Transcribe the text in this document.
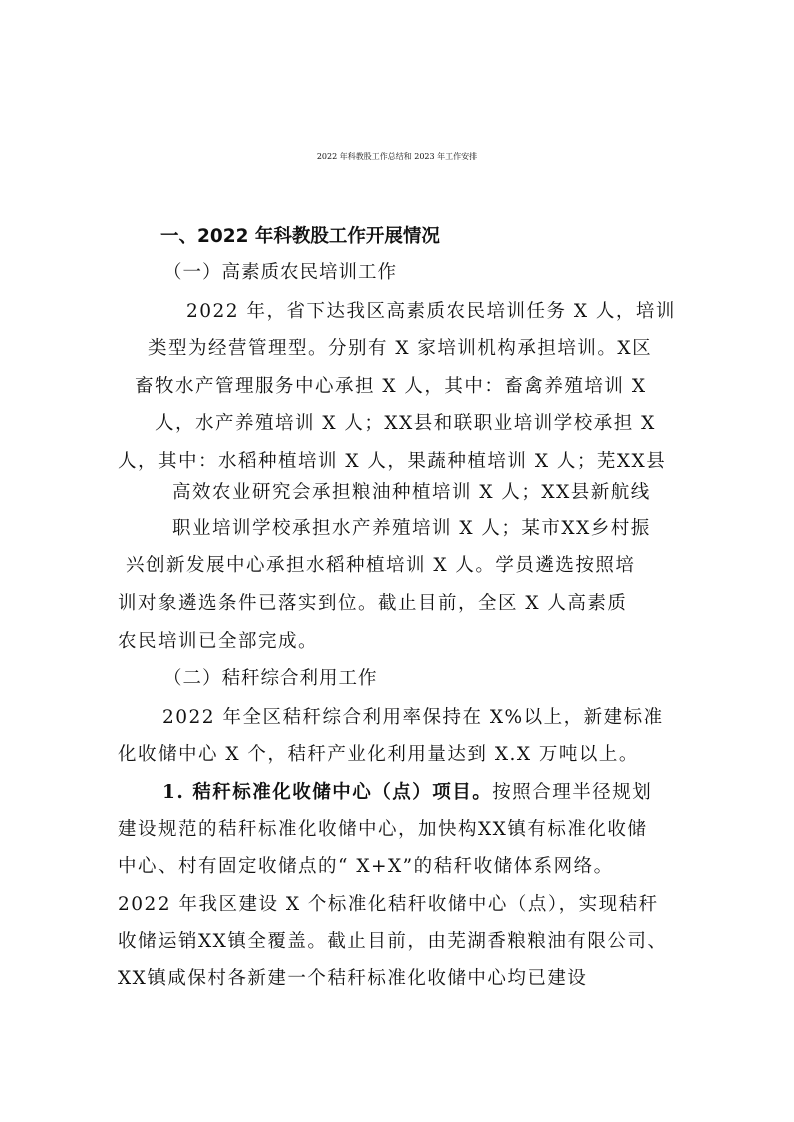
2022 年科教股工作总结和 2023 年工作安排
一、2022 年科教股工作开展情况
（一）高素质农民培训工作
2022 年，省下达我区高素质农民培训任务 X 人，培训
类型为经营管理型。分别有 X 家培训机构承担培训。X区
畜牧水产管理服务中心承担 X 人，其中：畜禽养殖培训 X
人，水产养殖培训 X 人；XX县和联职业培训学校承担 X
人，其中：水稻种植培训 X 人，果蔬种植培训 X 人；芜XX县
高效农业研究会承担粮油种植培训 X 人；XX县新航线
职业培训学校承担水产养殖培训 X 人；某市XX乡村振
兴创新发展中心承担水稻种植培训 X 人。学员遴选按照培
训对象遴选条件已落实到位。截止目前，全区 X 人高素质
农民培训已全部完成。
（二）秸秆综合利用工作
2022 年全区秸秆综合利用率保持在 X%以上，新建标准
化收储中心 X 个，秸秆产业化利用量达到 X.X 万吨以上。
1. 秸秆标准化收储中心（点）项目。按照合理半径规划
建设规范的秸秆标准化收储中心，加快构XX镇有标准化收储
中心、村有固定收储点的“ X+X”的秸秆收储体系网络。
2022 年我区建设 X 个标准化秸秆收储中心（点），实现秸秆
收储运销XX镇全覆盖。截止目前，由芜湖香粮粮油有限公司、
XX镇咸保村各新建一个秸秆标准化收储中心均已建设
